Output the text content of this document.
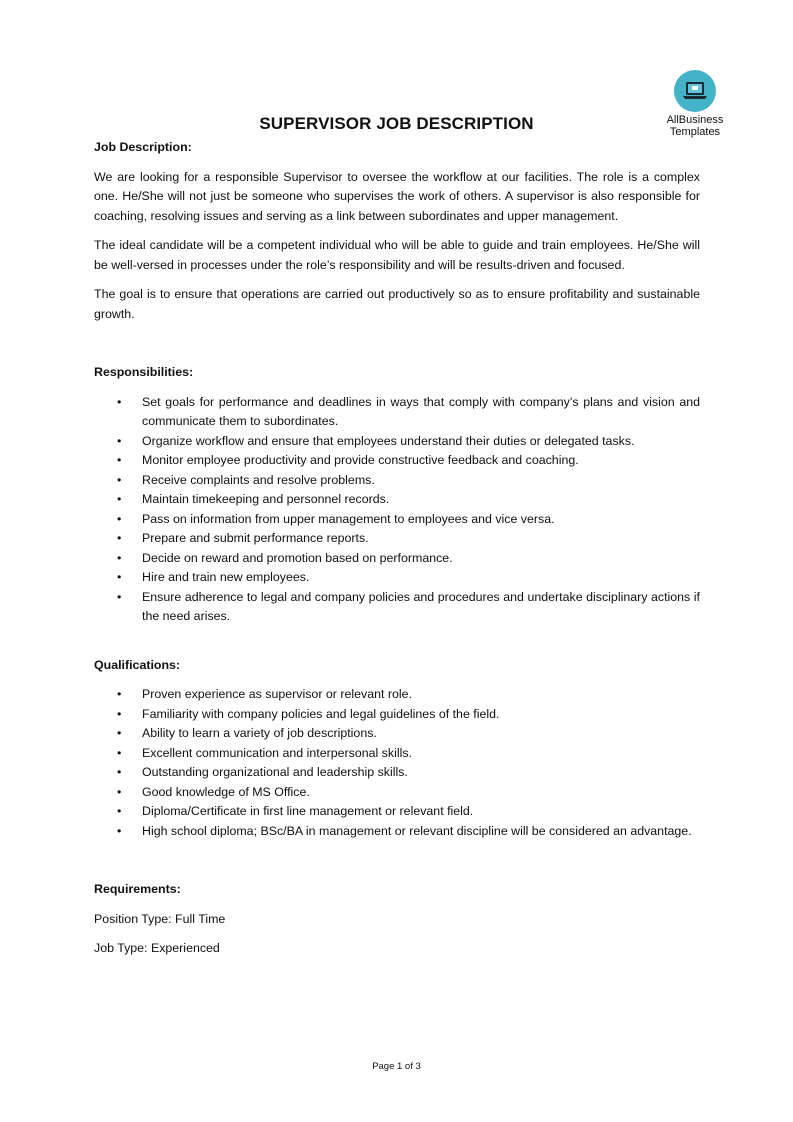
AllBusiness
Templates
SUPERVISOR JOB DESCRIPTION
Job Description:

We are looking for a responsible Supervisor to oversee the workflow at our facilities. The role is a complex one. He/She will not just be someone who supervises the work of others. A supervisor is also responsible for coaching, resolving issues and serving as a link between subordinates and upper management.

The ideal candidate will be a competent individual who will be able to guide and train employees. He/She will be well-versed in processes under the role’s responsibility and will be results-driven and focused.

The goal is to ensure that operations are carried out productively so as to ensure profitability and sustainable growth.

Responsibilities:
• Set goals for performance and deadlines in ways that comply with company’s plans and vision and communicate them to subordinates.
• Organize workflow and ensure that employees understand their duties or delegated tasks.
• Monitor employee productivity and provide constructive feedback and coaching.
• Receive complaints and resolve problems.
• Maintain timekeeping and personnel records.
• Pass on information from upper management to employees and vice versa.
• Prepare and submit performance reports.
• Decide on reward and promotion based on performance.
• Hire and train new employees.
• Ensure adherence to legal and company policies and procedures and undertake disciplinary actions if the need arises.
Qualifications:
• Proven experience as supervisor or relevant role.
• Familiarity with company policies and legal guidelines of the field.
• Ability to learn a variety of job descriptions.
• Excellent communication and interpersonal skills.
• Outstanding organizational and leadership skills.
• Good knowledge of MS Office.
• Diploma/Certificate in first line management or relevant field.
• High school diploma; BSc/BA in management or relevant discipline will be considered an advantage.
Requirements:

Position Type: Full Time

Job Type: Experienced

Page 1 of 3
